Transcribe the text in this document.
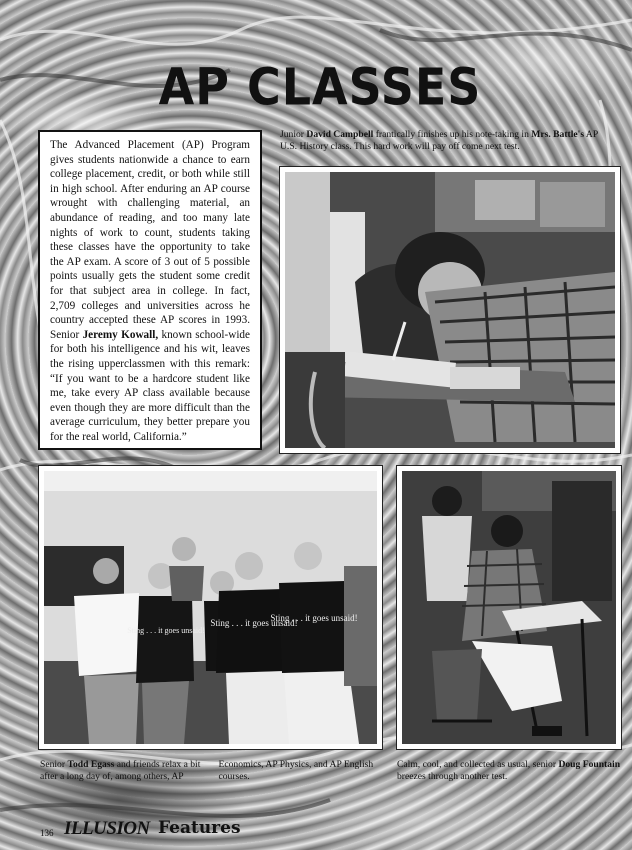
AP CLASSES
The Advanced Placement (AP) Program gives students nationwide a chance to earn college placement, credit, or both while still in high school. After enduring an AP course wrought with challenging material, an abundance of reading, and too many late nights of work to count, students taking these classes have the opportunity to take the AP exam. A score of 3 out of 5 possible points usually gets the student some credit for that subject area in college. In fact, 2,709 colleges and universities across he country accepted these AP scores in 1993. Senior Jeremy Kowall, known school-wide for both his intelligence and his wit, leaves the rising upperclassmen with this remark: “If you want to be a hardcore student like me, take every AP class available because even though they are more difficult than the average curriculum, they better prepare you for the real world, California.”
Junior David Campbell frantically finishes up his note-taking in Mrs. Battle's AP U.S. History class. This hard work will pay off come next test.
Sting . . . it goes unsaid!
Sting . . . it goes unsaid!
Sting . . . it goes unsaid!
Senior Todd Egass and friends relax a bit after a long day of, among others, AP Economics, AP Physics, and AP English courses.
Calm, cool, and collected as usual, senior Doug Fountain breezes through another test.
136 ILLUSION Features
